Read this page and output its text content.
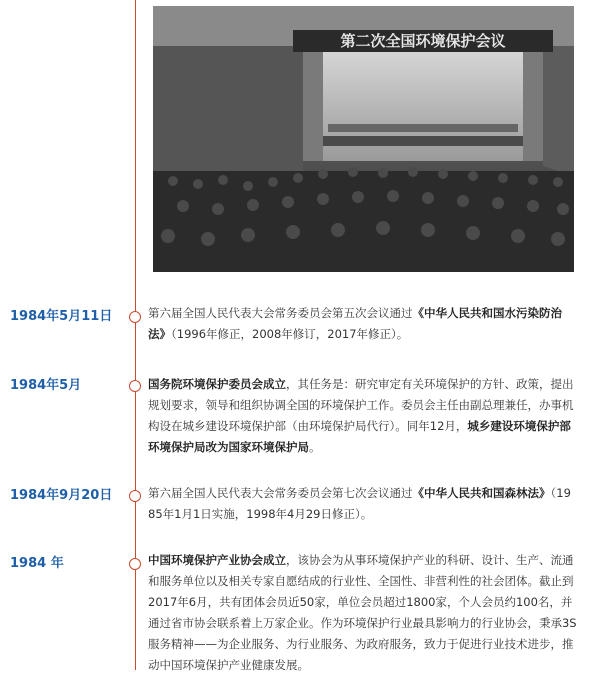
第二次全国环境保护会议
1984年5月11日	第六届全国人民代表大会常务委员会第五次会议通过《中华人民共和国水污染防治法》（1996年修正，2008年修订，2017年修正）。
1984年5月	国务院环境保护委员会成立，其任务是：研究审定有关环境保护的方针、政策，提出规划要求，领导和组织协调全国的环境保护工作。委员会主任由副总理兼任，办事机构设在城乡建设环境保护部（由环境保护局代行）。同年12月，城乡建设环境保护部环境保护局改为国家环境保护局。
1984年9月20日	第六届全国人民代表大会常务委员会第七次会议通过《中华人民共和国森林法》（1985年1月1日实施，1998年4月29日修正）。
1984 年	中国环境保护产业协会成立，该协会为从事环境保护产业的科研、设计、生产、流通和服务单位以及相关专家自愿结成的行业性、全国性、非营利性的社会团体。截止到2017年6月，共有团体会员近50家，单位会员超过1800家，个人会员约100名，并通过省市协会联系着上万家企业。作为环境保护行业最具影响力的行业协会，秉承3S服务精神——为企业服务、为行业服务、为政府服务，致力于促进行业技术进步，推动中国环境保护产业健康发展。
